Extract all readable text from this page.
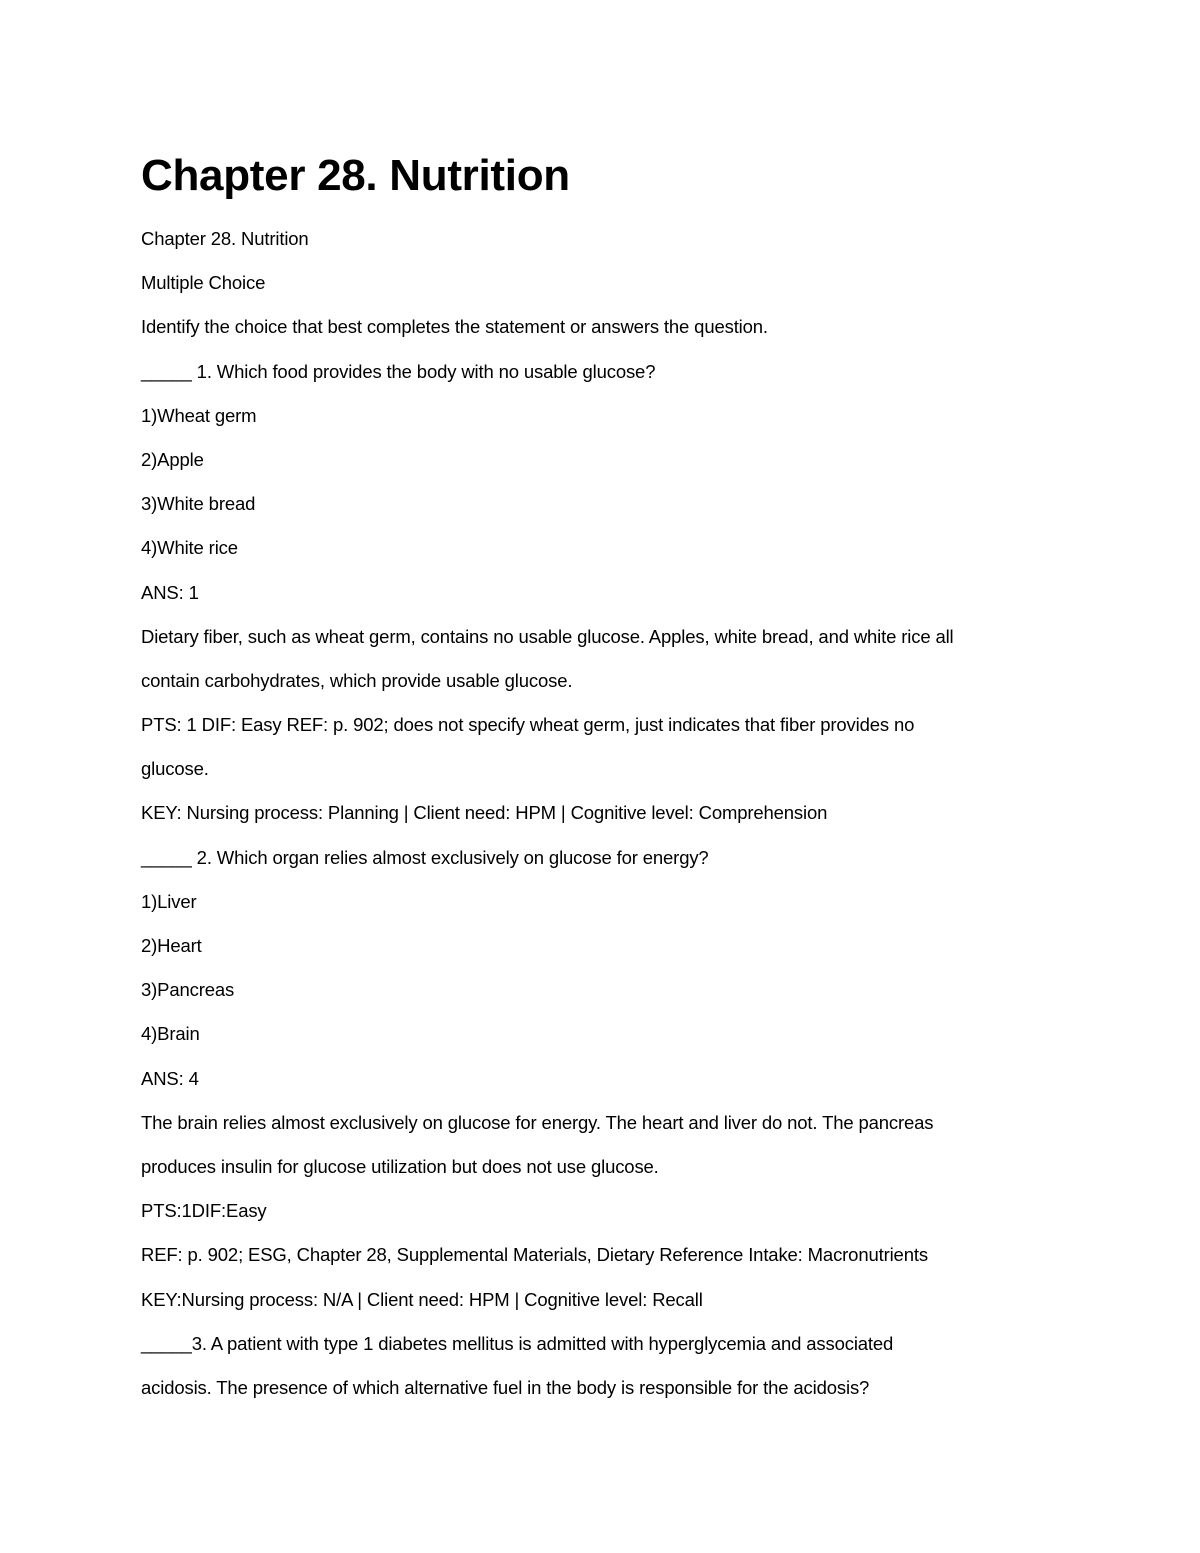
Chapter 28. Nutrition
Chapter 28. Nutrition
Multiple Choice
Identify the choice that best completes the statement or answers the question.
_____ 1. Which food provides the body with no usable glucose?
1)Wheat germ
2)Apple
3)White bread
4)White rice
ANS: 1
Dietary fiber, such as wheat germ, contains no usable glucose. Apples, white bread, and white rice all
contain carbohydrates, which provide usable glucose.
PTS: 1 DIF: Easy REF: p. 902; does not specify wheat germ, just indicates that fiber provides no
glucose.
KEY: Nursing process: Planning | Client need: HPM | Cognitive level: Comprehension
_____ 2. Which organ relies almost exclusively on glucose for energy?
1)Liver
2)Heart
3)Pancreas
4)Brain
ANS: 4
The brain relies almost exclusively on glucose for energy. The heart and liver do not. The pancreas
produces insulin for glucose utilization but does not use glucose.
PTS:1DIF:Easy
REF: p. 902; ESG, Chapter 28, Supplemental Materials, Dietary Reference Intake: Macronutrients
KEY:Nursing process: N/A | Client need: HPM | Cognitive level: Recall
_____3. A patient with type 1 diabetes mellitus is admitted with hyperglycemia and associated
acidosis. The presence of which alternative fuel in the body is responsible for the acidosis?
